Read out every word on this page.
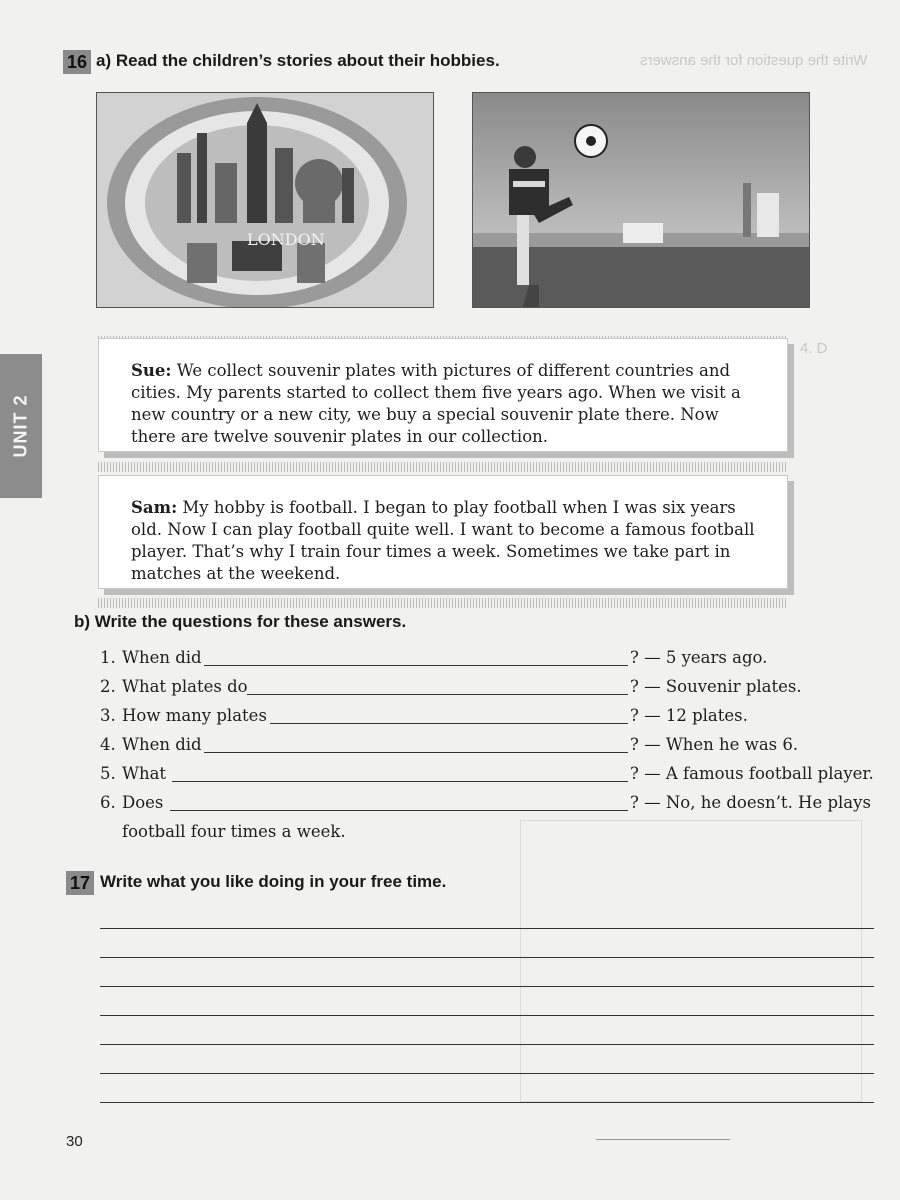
Write the question for the answers
4. D
16 a) Read the children’s stories about their hobbies.
UNIT 2
LONDON
Sue: We collect souvenir plates with pictures of different countries and cities. My parents started to collect them five years ago. When we visit a new country or a new city, we buy a special souvenir plate there. Now there are twelve souvenir plates in our collection.
Sam: My hobby is football. I began to play football when I was six years old. Now I can play football quite well. I want to become a famous football player. That’s why I train four times a week. Sometimes we take part in matches at the weekend.
b) Write the questions for these answers.
1. When did	? — 5 years ago.
2. What plates do	? — Souvenir plates.
3. How many plates	? — 12 plates.
4. When did	? — When he was 6.
5. What	? — A famous football player.
6. Does	? — No, he doesn’t. He plays
football four times a week.
17 Write what you like doing in your free time.
30
